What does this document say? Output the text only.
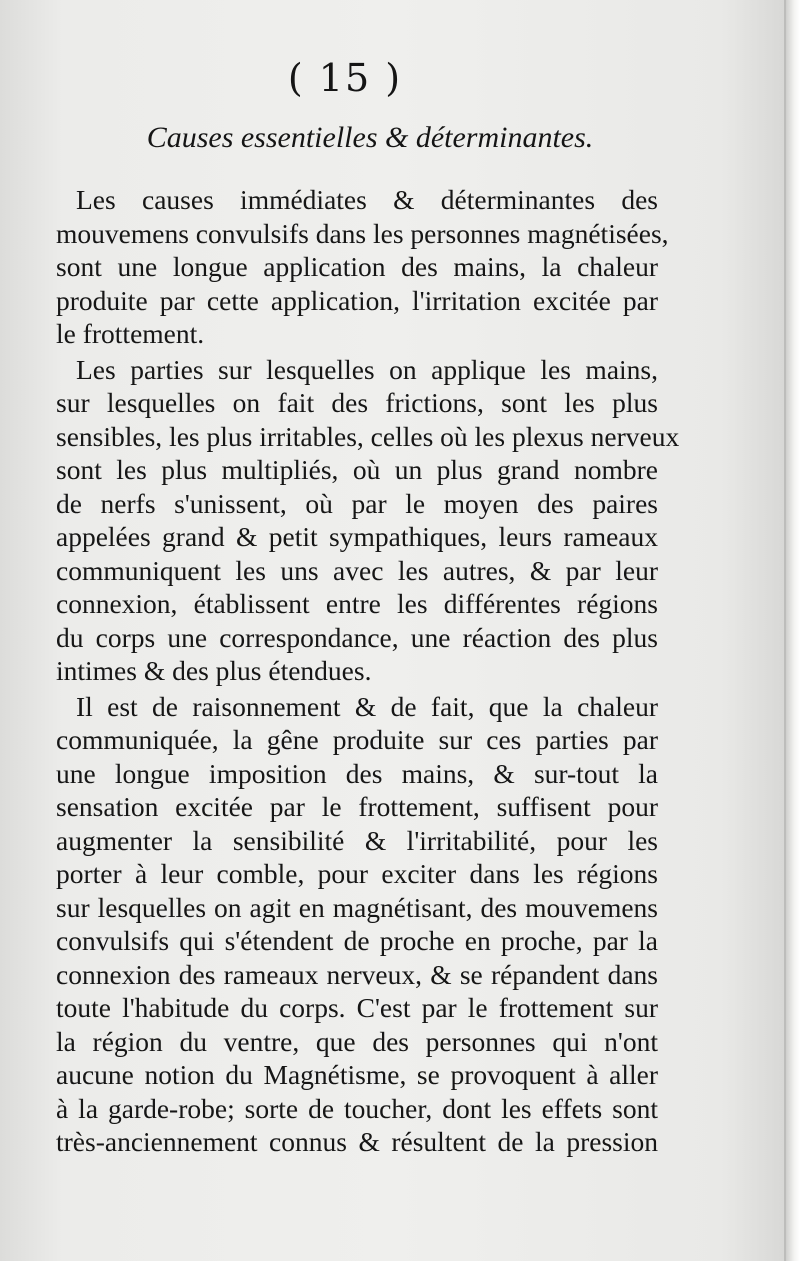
( 15 )
Causes essentielles & déterminantes.
Les causes immédiates & déterminantes des
mouvemens convulsifs dans les personnes magnétisées,
sont une longue application des mains, la chaleur
produite par cette application, l'irritation excitée par
le frottement.
Les parties sur lesquelles on applique les mains,
sur lesquelles on fait des frictions, sont les plus
sensibles, les plus irritables, celles où les plexus nerveux
sont les plus multipliés, où un plus grand nombre
de nerfs s'unissent, où par le moyen des paires
appelées grand & petit sympathiques, leurs rameaux
communiquent les uns avec les autres, & par leur
connexion, établissent entre les différentes régions
du corps une correspondance, une réaction des plus
intimes & des plus étendues.
Il est de raisonnement & de fait, que la chaleur
communiquée, la gêne produite sur ces parties par
une longue imposition des mains, & sur-tout la
sensation excitée par le frottement, suffisent pour
augmenter la sensibilité & l'irritabilité, pour les
porter à leur comble, pour exciter dans les régions
sur lesquelles on agit en magnétisant, des mouvemens
convulsifs qui s'étendent de proche en proche, par la
connexion des rameaux nerveux, & se répandent dans
toute l'habitude du corps. C'est par le frottement sur
la région du ventre, que des personnes qui n'ont
aucune notion du Magnétisme, se provoquent à aller
à la garde-robe; sorte de toucher, dont les effets sont
très-anciennement connus & résultent de la pression
